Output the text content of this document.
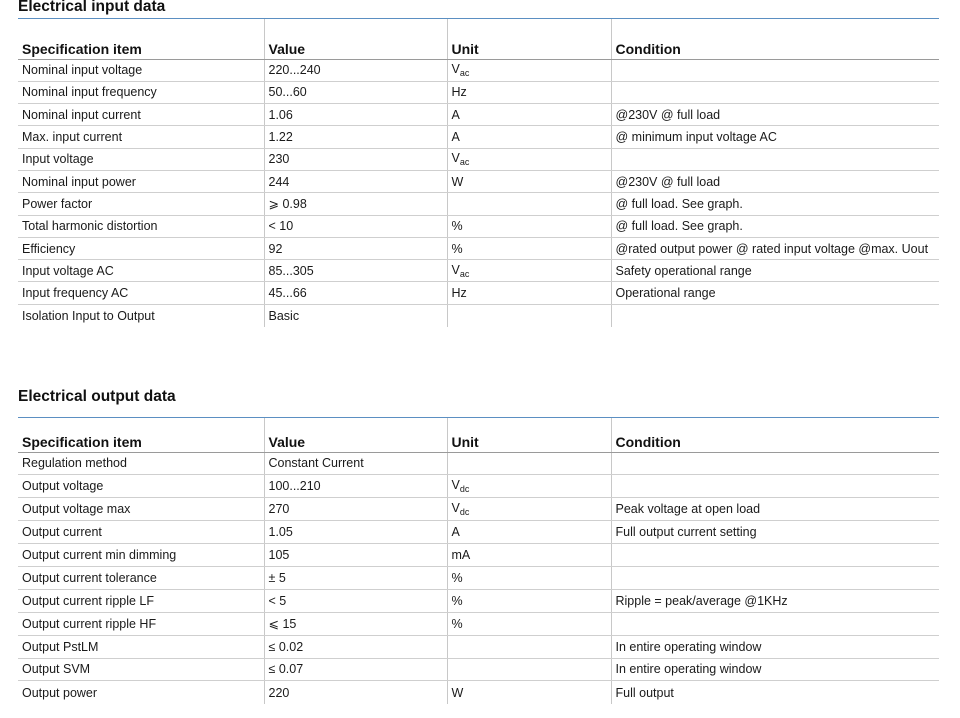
Electrical input data
Specification item	Value	Unit	Condition
Nominal input voltage	220...240	$V_{ac}$	
Nominal input frequency	50...60	Hz	
Nominal input current	1.06	A	@230V @ full load
Max. input current	1.22	A	@ minimum input voltage AC
Input voltage	230	$V_{ac}$	
Nominal input power	244	W	@230V @ full load
Power factor	⩾ 0.98		@ full load. See graph.
Total harmonic distortion	< 10	%	@ full load. See graph.
Efficiency	92	%	@rated output power @ rated input voltage @max. Uout
Input voltage AC	85...305	$V_{ac}$	Safety operational range
Input frequency AC	45...66	Hz	Operational range
Isolation Input to Output	Basic		
Electrical output data
Specification item	Value	Unit	Condition
Regulation method	Constant Current		
Output voltage	100...210	$V_{dc}$	
Output voltage max	270	$V_{dc}$	Peak voltage at open load
Output current	1.05	A	Full output current setting
Output current min dimming	105	mA	
Output current tolerance	± 5	%	
Output current ripple LF	< 5	%	Ripple = peak/average @1KHz
Output current ripple HF	⩽ 15	%	
Output PstLM	≤ 0.02		In entire operating window
Output SVM	≤ 0.07		In entire operating window
Output power	220	W	Full output
